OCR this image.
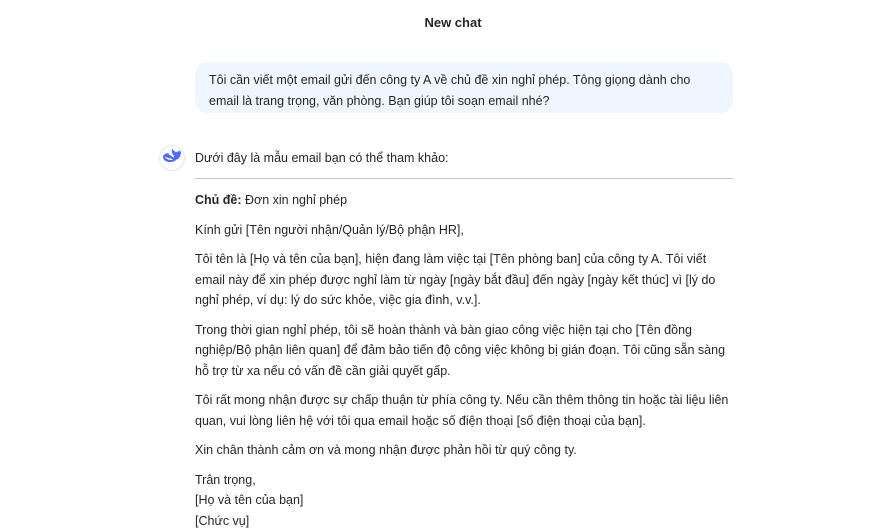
New chat
Tôi cần viết một email gửi đến công ty A về chủ đề xin nghỉ phép. Tông giọng dành cho email là trang trọng, văn phòng. Bạn giúp tôi soạn email nhé?

Dưới đây là mẫu email bạn có thể tham khảo:

Chủ đề: Đơn xin nghỉ phép

Kính gửi [Tên người nhận/Quản lý/Bộ phận HR],

Tôi tên là [Họ và tên của bạn], hiện đang làm việc tại [Tên phòng ban] của công ty A. Tôi viết email này để xin phép được nghỉ làm từ ngày [ngày bắt đầu] đến ngày [ngày kết thúc] vì [lý do nghỉ phép, ví dụ: lý do sức khỏe, việc gia đình, v.v.].

Trong thời gian nghỉ phép, tôi sẽ hoàn thành và bàn giao công việc hiện tại cho [Tên đồng nghiệp/Bộ phận liên quan] để đảm bảo tiến độ công việc không bị gián đoạn. Tôi cũng sẵn sàng hỗ trợ từ xa nếu có vấn đề cần giải quyết gấp.

Tôi rất mong nhận được sự chấp thuận từ phía công ty. Nếu cần thêm thông tin hoặc tài liệu liên quan, vui lòng liên hệ với tôi qua email hoặc số điện thoại [số điện thoại của bạn].

Xin chân thành cảm ơn và mong nhận được phản hồi từ quý công ty.

Trân trọng,
[Họ và tên của bạn]
[Chức vụ]
